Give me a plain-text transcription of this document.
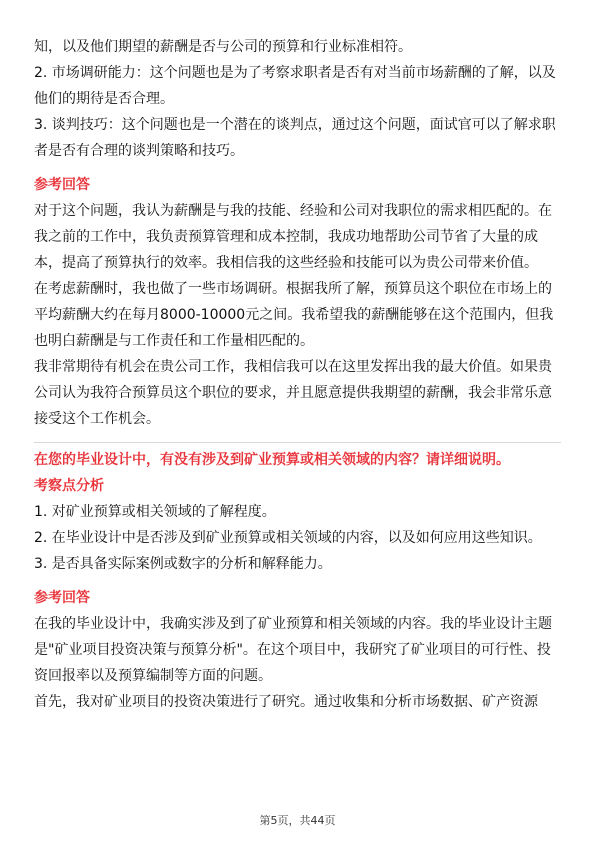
知，以及他们期望的薪酬是否与公司的预算和行业标准相符。

2. 市场调研能力：这个问题也是为了考察求职者是否有对当前市场薪酬的了解，以及他们的期待是否合理。

3. 谈判技巧：这个问题也是一个潜在的谈判点，通过这个问题，面试官可以了解求职者是否有合理的谈判策略和技巧。

参考回答

对于这个问题，我认为薪酬是与我的技能、经验和公司对我职位的需求相匹配的。在我之前的工作中，我负责预算管理和成本控制，我成功地帮助公司节省了大量的成本，提高了预算执行的效率。我相信我的这些经验和技能可以为贵公司带来价值。

在考虑薪酬时，我也做了一些市场调研。根据我所了解，预算员这个职位在市场上的平均薪酬大约在每月8000-10000元之间。我希望我的薪酬能够在这个范围内，但我也明白薪酬是与工作责任和工作量相匹配的。

我非常期待有机会在贵公司工作，我相信我可以在这里发挥出我的最大价值。如果贵公司认为我符合预算员这个职位的要求，并且愿意提供我期望的薪酬，我会非常乐意接受这个工作机会。

在您的毕业设计中，有没有涉及到矿业预算或相关领域的内容？请详细说明。

考察点分析

1. 对矿业预算或相关领域的了解程度。

2. 在毕业设计中是否涉及到矿业预算或相关领域的内容，以及如何应用这些知识。

3. 是否具备实际案例或数字的分析和解释能力。

参考回答

在我的毕业设计中，我确实涉及到了矿业预算和相关领域的内容。我的毕业设计主题是"矿业项目投资决策与预算分析"。在这个项目中，我研究了矿业项目的可行性、投资回报率以及预算编制等方面的问题。

首先，我对矿业项目的投资决策进行了研究。通过收集和分析市场数据、矿产资源

第5页，共44页
